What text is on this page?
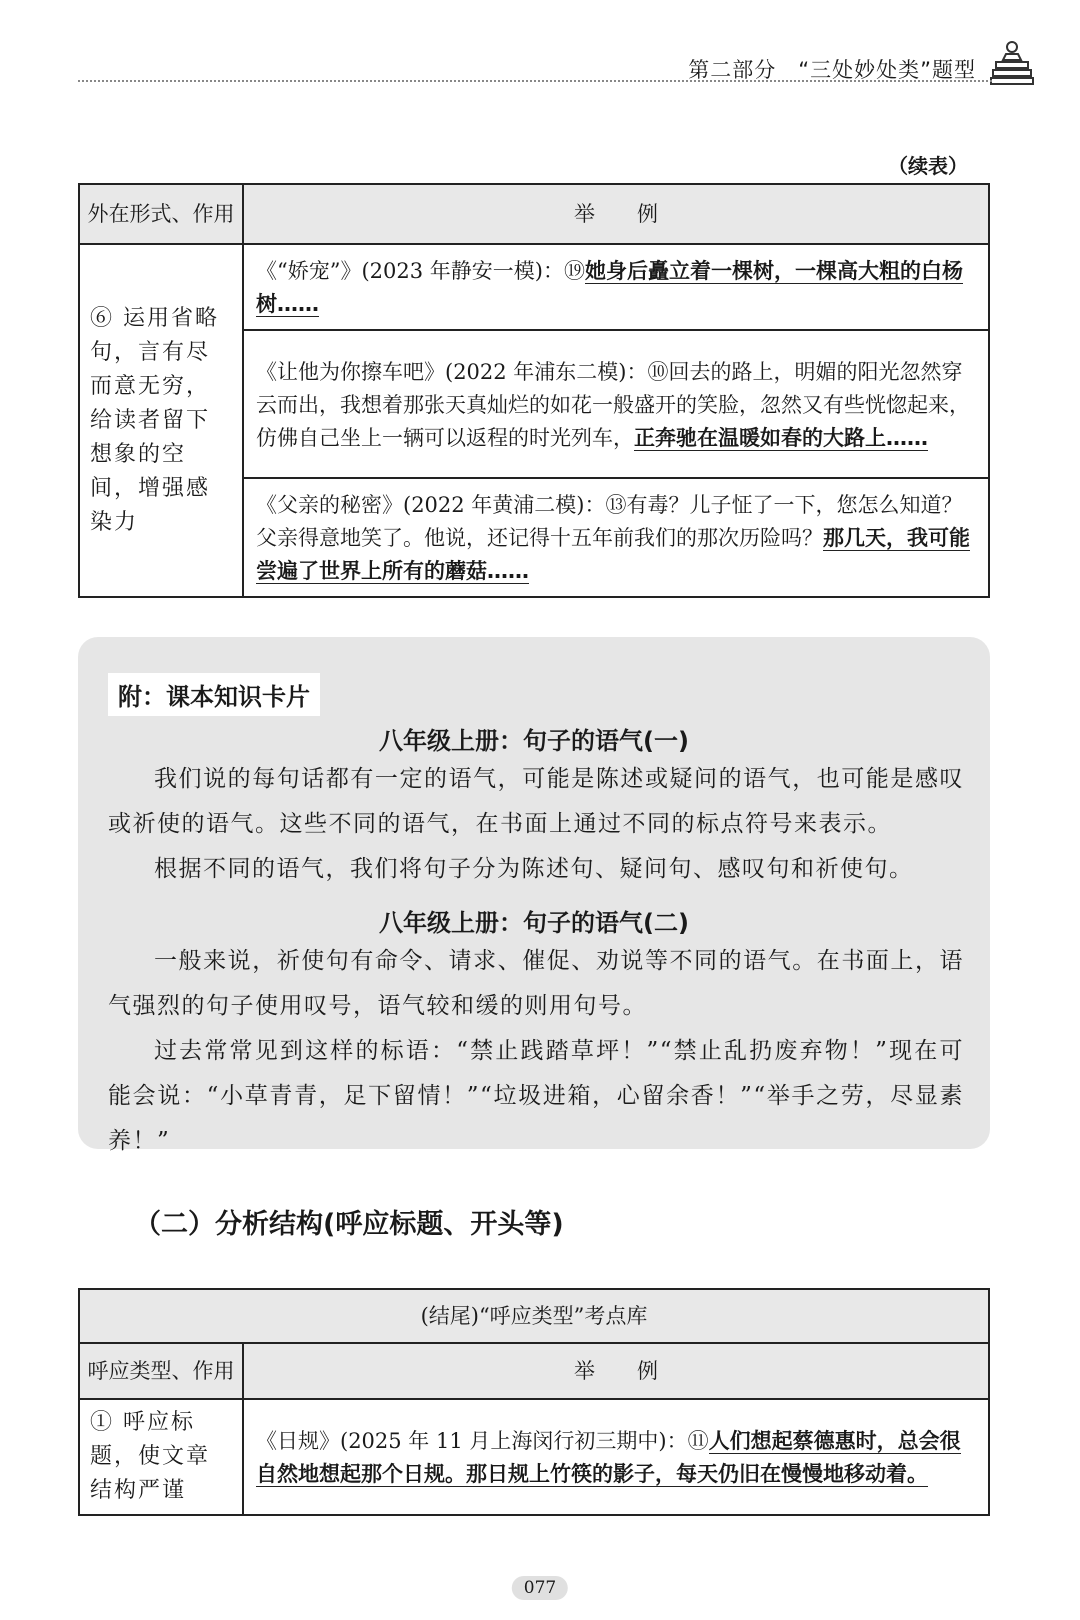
第二部分　“三处妙处类”题型
（续表）
外在形式、作用	举　　例
⑥ 运用省略句，言有尽而意无穷，给读者留下想象的空间，增强感染力	《“娇宠”》(2023 年静安一模)：⑲她身后矗立着一棵树，一棵高大粗的白杨树……
	《让他为你擦车吧》(2022 年浦东二模)：⑩回去的路上，明媚的阳光忽然穿云而出，我想着那张天真灿烂的如花一般盛开的笑脸，忽然又有些恍惚起来，仿佛自己坐上一辆可以返程的时光列车，正奔驰在温暖如春的大路上……
	《父亲的秘密》(2022 年黄浦二模)：⑬有毒？儿子怔了一下，您怎么知道？父亲得意地笑了。他说，还记得十五年前我们的那次历险吗？那几天，我可能尝遍了世界上所有的蘑菇……
附：课本知识卡片
八年级上册：句子的语气(一)
我们说的每句话都有一定的语气，可能是陈述或疑问的语气，也可能是感叹或祈使的语气。这些不同的语气，在书面上通过不同的标点符号来表示。
根据不同的语气，我们将句子分为陈述句、疑问句、感叹句和祈使句。
八年级上册：句子的语气(二)
一般来说，祈使句有命令、请求、催促、劝说等不同的语气。在书面上，语气强烈的句子使用叹号，语气较和缓的则用句号。
过去常常见到这样的标语：“禁止践踏草坪！”“禁止乱扔废弃物！”现在可能会说：“小草青青，足下留情！”“垃圾进箱，心留余香！”“举手之劳，尽显素养！”
（二）分析结构(呼应标题、开头等)
(结尾)“呼应类型”考点库	
呼应类型、作用	举　　例
① 呼应标题，使文章结构严谨	《日规》(2025 年 11 月上海闵行初三期中)：⑪人们想起蔡德惠时，总会很自然地想起那个日规。那日规上竹筷的影子，每天仍旧在慢慢地移动着。
077
